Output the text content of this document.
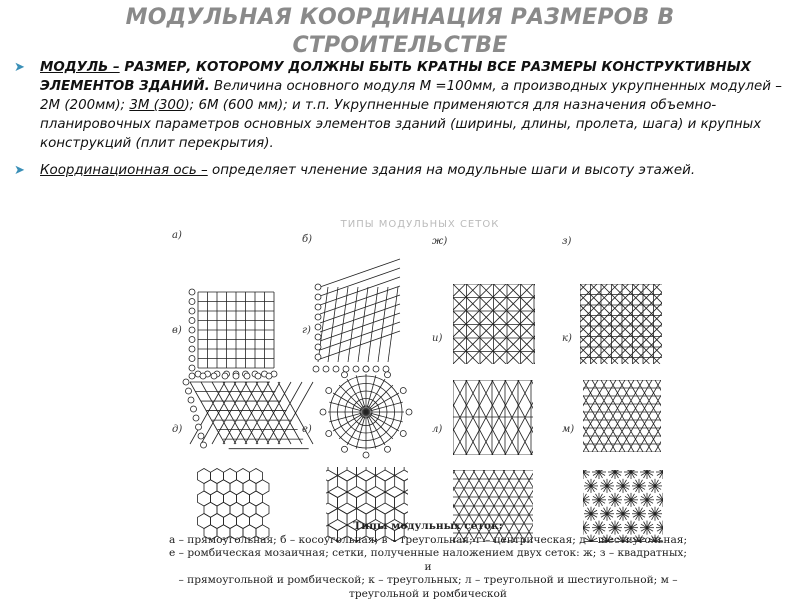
МОДУЛЬНАЯ КООРДИНАЦИЯ РАЗМЕРОВ В
СТРОИТЕЛЬСТВЕ
➤ МОДУЛЬ – РАЗМЕР, КОТОРОМУ ДОЛЖНЫ БЫТЬ КРАТНЫ ВСЕ РАЗМЕРЫ КОНСТРУКТИВНЫХ ЭЛЕМЕНТОВ ЗДАНИЙ. Величина основного модуля М =100мм, а производных укрупненных модулей – 2М (200мм); 3М (300); 6М (600 мм); и т.п. Укрупненные применяются для назначения объемно-планировочных параметров основных элементов зданий (ширины, длины, пролета, шага) и крупных конструкций (плит перекрытия).
➤ Координационная ось – определяет членение здания на модульные шаги и высоту этажей.
ТИПЫ МОДУЛЬНЫХ СЕТОК
а)	б)	ж)	з)
в)	г)
и)	к)
д)	е)	л)	м)
Типы модульных сеток:
а – прямоугольная; б – косоугольная; в – треугольная; г – центрическая; д – шестиугольная;
е – ромбическая мозаичная; сетки, полученные наложением двух сеток: ж; з – квадратных; и
– прямоугольной и ромбической; к – треугольных; л – треугольной и шестиугольной; м –
треугольной и ромбической
